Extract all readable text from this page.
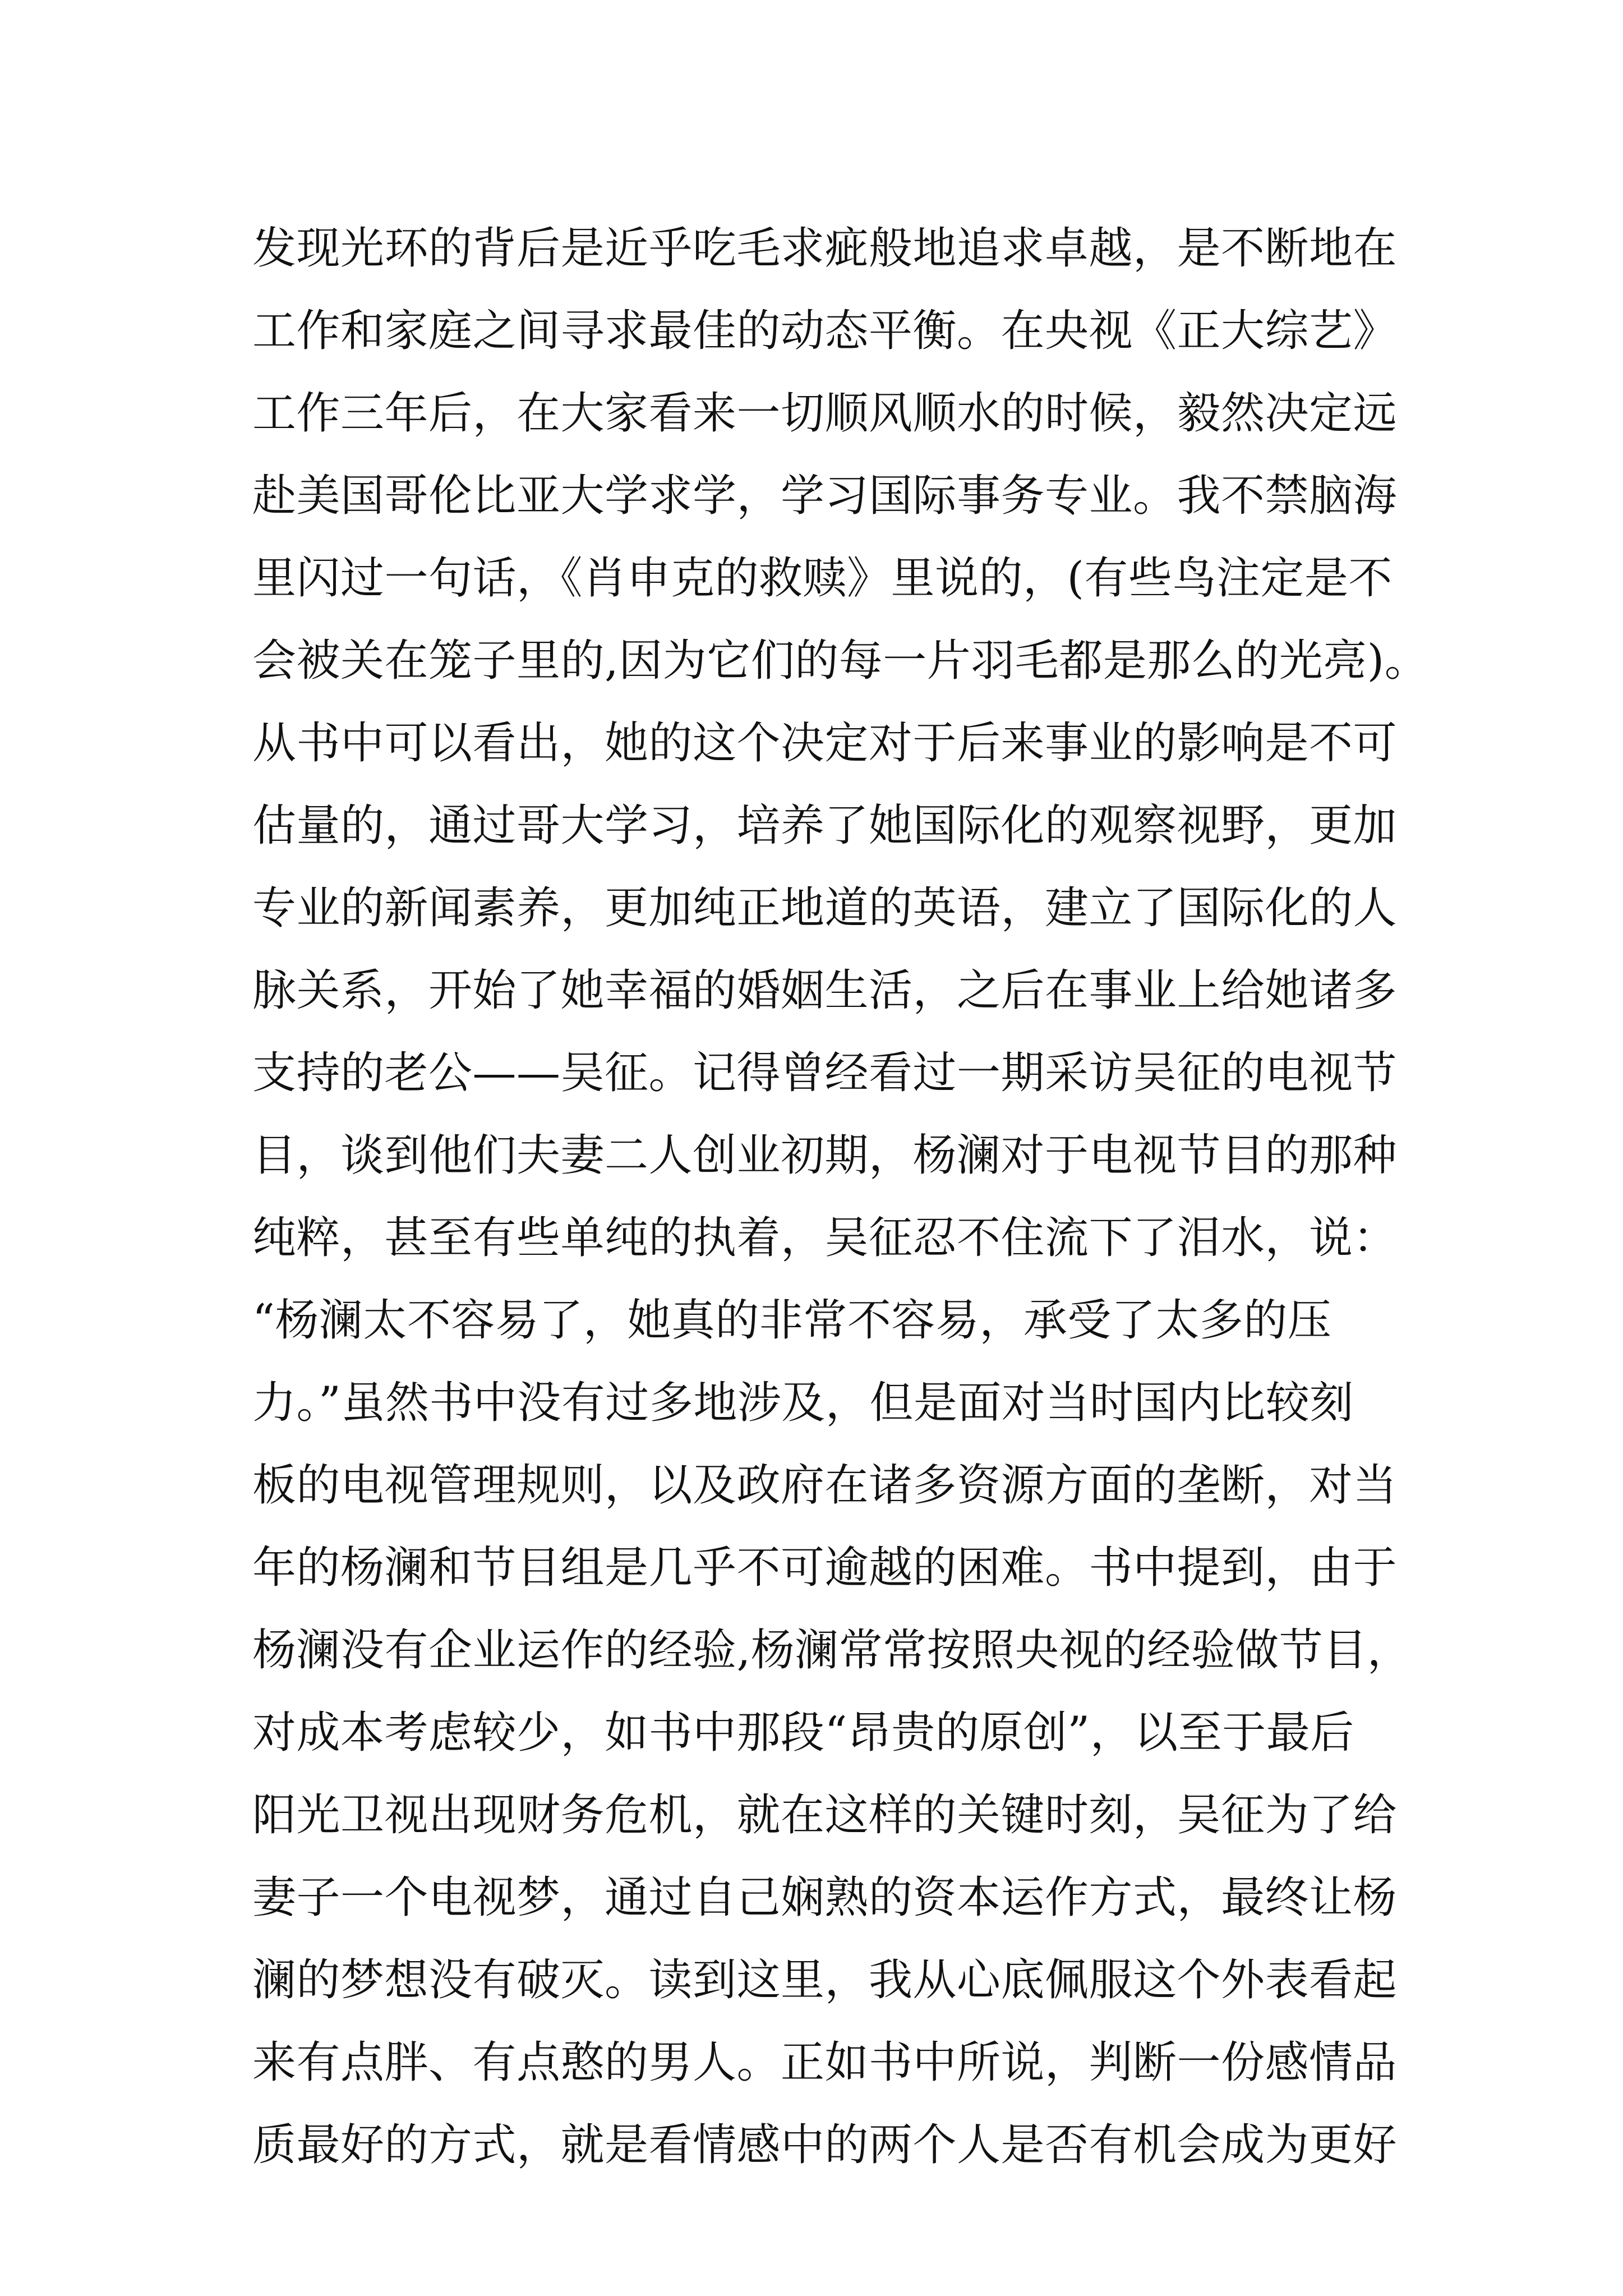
发现光环的背后是近乎吃毛求疵般地追求卓越，是不断地在
工作和家庭之间寻求最佳的动态平衡。在央视《正大综艺》
工作三年后，在大家看来一切顺风顺水的时候，毅然决定远
赴美国哥伦比亚大学求学，学习国际事务专业。我不禁脑海
里闪过一句话，《肖申克的救赎》里说的，(有些鸟注定是不
会被关在笼子里的,因为它们的每一片羽毛都是那么的光亮)。
从书中可以看出，她的这个决定对于后来事业的影响是不可
估量的，通过哥大学习，培养了她国际化的观察视野，更加
专业的新闻素养，更加纯正地道的英语，建立了国际化的人
脉关系，开始了她幸福的婚姻生活，之后在事业上给她诸多
支持的老公——吴征。记得曾经看过一期采访吴征的电视节
目，谈到他们夫妻二人创业初期，杨澜对于电视节目的那种
纯粹，甚至有些单纯的执着，吴征忍不住流下了泪水，说：
“杨澜太不容易了，她真的非常不容易，承受了太多的压
力。”虽然书中没有过多地涉及，但是面对当时国内比较刻
板的电视管理规则，以及政府在诸多资源方面的垄断，对当
年的杨澜和节目组是几乎不可逾越的困难。书中提到，由于
杨澜没有企业运作的经验,杨澜常常按照央视的经验做节目，
对成本考虑较少，如书中那段“昂贵的原创”，以至于最后
阳光卫视出现财务危机，就在这样的关键时刻，吴征为了给
妻子一个电视梦，通过自己娴熟的资本运作方式，最终让杨
澜的梦想没有破灭。读到这里，我从心底佩服这个外表看起
来有点胖、有点憨的男人。正如书中所说，判断一份感情品
质最好的方式，就是看情感中的两个人是否有机会成为更好
